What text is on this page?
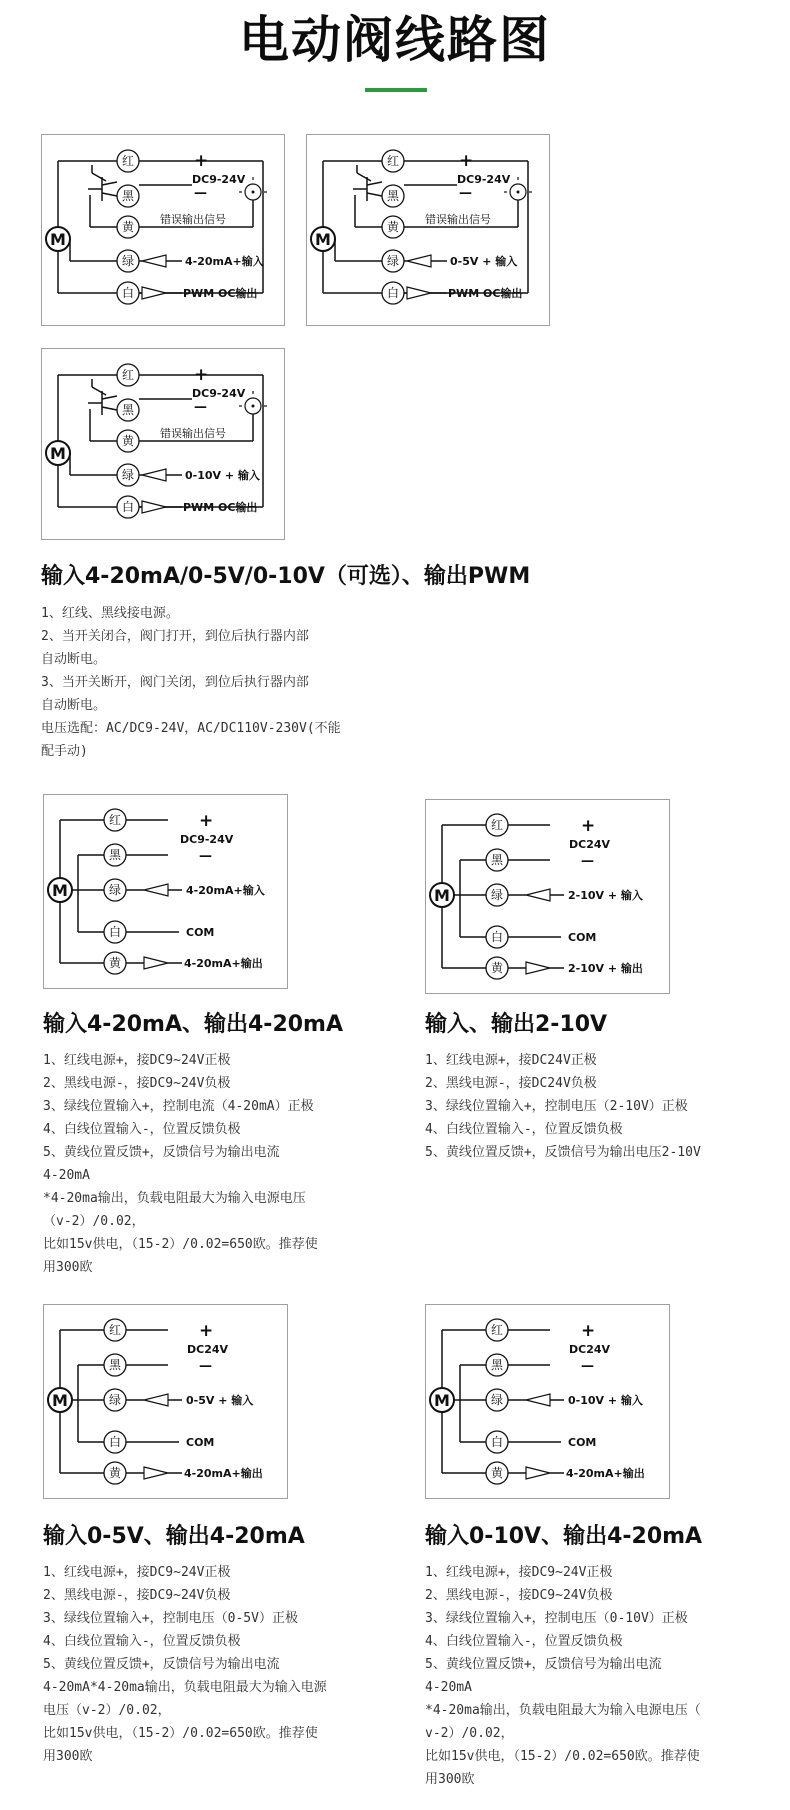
电动阀线路图
M
红
黑
黄
绿
白
+
DC9-24V
—
错误输出信号
4-20mA+输入
PWM OC输出
M
红
黑
黄
绿
白
+
DC9-24V
—
错误输出信号
0-5V + 输入
PWM OC输出
M
红
黑
黄
绿
白
+
DC9-24V
—
错误输出信号
0-10V + 输入
PWM OC输出
输入4-20mA/0-5V/0-10V（可选）、输出PWM
1、红线、黑线接电源。
2、当开关闭合，阀门打开，到位后执行器内部
自动断电。
3、当开关断开，阀门关闭，到位后执行器内部
自动断电。
电压选配：AC/DC9-24V，AC/DC110V-230V(不能
配手动)
M
红
黑
绿
白
黄
+
DC9-24V
—
4-20mA+输入
COM
4-20mA+输出
M
红
黑
绿
白
黄
+
DC24V
—
2-10V + 输入
COM
2-10V + 输出
输入4-20mA、输出4-20mA
1、红线电源+，接DC9~24V正极
2、黑线电源-，接DC9~24V负极
3、绿线位置输入+，控制电流（4-20mA）正极
4、白线位置输入-，位置反馈负极
5、黄线位置反馈+，反馈信号为输出电流
4-20mA
*4-20ma输出，负载电阻最大为输入电源电压
（v-2）/0.02，
比如15v供电，（15-2）/0.02=650欧。推荐使
用300欧
输入、输出2-10V
1、红线电源+，接DC24V正极
2、黑线电源-，接DC24V负极
3、绿线位置输入+，控制电压（2-10V）正极
4、白线位置输入-，位置反馈负极
5、黄线位置反馈+，反馈信号为输出电压2-10V
M
红
黑
绿
白
黄
+
DC24V
—
0-5V + 输入
COM
4-20mA+输出
M
红
黑
绿
白
黄
+
DC24V
—
0-10V + 输入
COM
4-20mA+输出
输入0-5V、输出4-20mA
1、红线电源+，接DC9~24V正极
2、黑线电源-，接DC9~24V负极
3、绿线位置输入+，控制电压（0-5V）正极
4、白线位置输入-，位置反馈负极
5、黄线位置反馈+，反馈信号为输出电流
4-20mA*4-20ma输出，负载电阻最大为输入电源
电压（v-2）/0.02，
比如15v供电，（15-2）/0.02=650欧。推荐使
用300欧
输入0-10V、输出4-20mA
1、红线电源+，接DC9~24V正极
2、黑线电源-，接DC9~24V负极
3、绿线位置输入+，控制电压（0-10V）正极
4、白线位置输入-，位置反馈负极
5、黄线位置反馈+，反馈信号为输出电流
4-20mA
*4-20ma输出，负载电阻最大为输入电源电压（
v-2）/0.02，
比如15v供电，（15-2）/0.02=650欧。推荐使
用300欧
